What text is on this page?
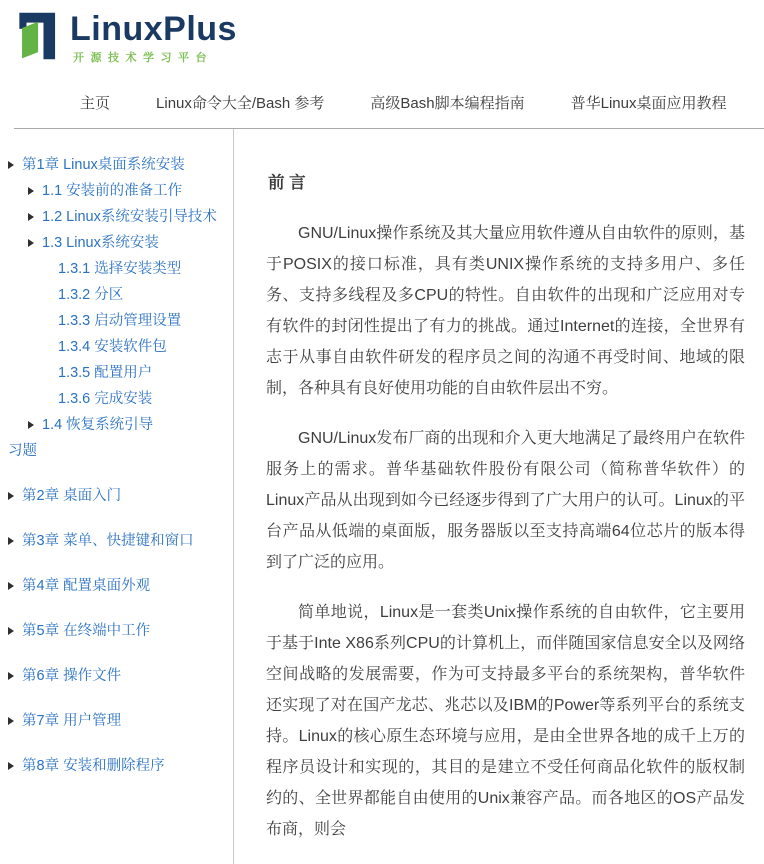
LinuxPlus
开源技术学习平台
主页	Linux命令大全/Bash 参考	高级Bash脚本编程指南	普华Linux桌面应用教程
第1章 Linux桌面系统安装
1.1 安装前的准备工作
1.2 Linux系统安装引导技术
1.3 Linux系统安装
1.3.1 选择安装类型
1.3.2 分区
1.3.3 启动管理设置
1.3.4 安装软件包
1.3.5 配置用户
1.3.6 完成安装
1.4 恢复系统引导
习题
第2章 桌面入门
第3章 菜单、快捷键和窗口
第4章 配置桌面外观
第5章 在终端中工作
第6章 操作文件
第7章 用户管理
第8章 安装和删除程序
前 言

GNU/Linux操作系统及其大量应用软件遵从自由软件的原则，基于POSIX的接口标准，具有类UNIX操作系统的支持多用户、多任务、支持多线程及多CPU的特性。自由软件的出现和广泛应用对专有软件的封闭性提出了有力的挑战。通过Internet的连接，全世界有志于从事自由软件研发的程序员之间的沟通不再受时间、地域的限制，各种具有良好使用功能的自由软件层出不穷。

GNU/Linux发布厂商的出现和介入更大地满足了最终用户在软件服务上的需求。普华基础软件股份有限公司（简称普华软件）的Linux产品从出现到如今已经逐步得到了广大用户的认可。Linux的平台产品从低端的桌面版，服务器版以至支持高端64位芯片的版本得到了广泛的应用。

简单地说，Linux是一套类Unix操作系统的自由软件，它主要用于基于Inte X86系列CPU的计算机上，而伴随国家信息安全以及网络空间战略的发展需要，作为可支持最多平台的系统架构，普华软件还实现了对在国产龙芯、兆芯以及IBM的Power等系列平台的系统支持。Linux的核心原生态环境与应用，是由全世界各地的成千上万的程序员设计和实现的，其目的是建立不受任何商品化软件的版权制约的、全世界都能自由使用的Unix兼容产品。而各地区的OS产品发布商，则会
